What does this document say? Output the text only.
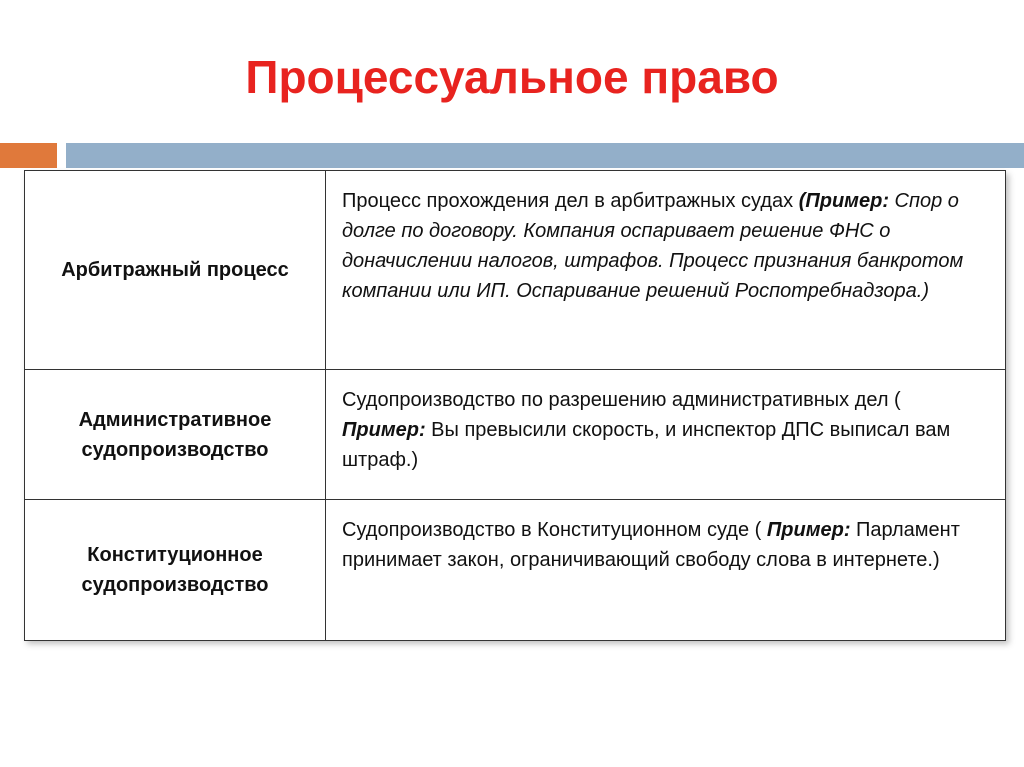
Процессуальное право
Арбитражный процесс	Процесс прохождения дел в арбитражных судах (Пример: Спор о долге по договору. Компания оспаривает решение ФНС о доначислении налогов, штрафов. Процесс признания банкротом компании или ИП. Оспаривание решений Роспотребнадзора.)
Административное судопроизводство	Судопроизводство по разрешению административных дел ( Пример: Вы превысили скорость, и инспектор ДПС выписал вам штраф.)
Конституционное судопроизводство	Судопроизводство в Конституционном суде ( Пример: Парламент принимает закон, ограничивающий свободу слова в интернете.)
